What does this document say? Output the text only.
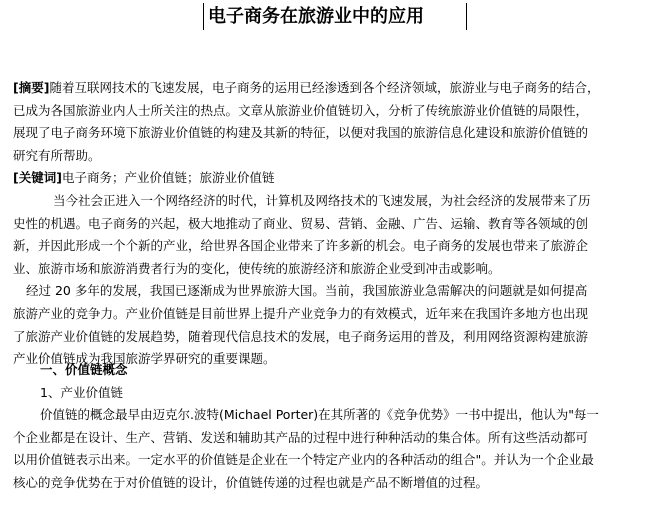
电子商务在旅游业中的应用
[摘要]随着互联网技术的飞速发展，电子商务的运用已经渗透到各个经济领域，旅游业与电子商务的结合，
已成为各国旅游业内人士所关注的热点。文章从旅游业价值链切入，分析了传统旅游业价值链的局限性，
展现了电子商务环境下旅游业价值链的构建及其新的特征，以便对我国的旅游信息化建设和旅游价值链的
研究有所帮助。
[关键词]电子商务；产业价值链；旅游业价值链
当今社会正进入一个网络经济的时代，计算机及网络技术的飞速发展，为社会经济的发展带来了历
史性的机遇。电子商务的兴起，极大地推动了商业、贸易、营销、金融、广告、运输、教育等各领域的创
新，并因此形成一个个新的产业，给世界各国企业带来了许多新的机会。电子商务的发展也带来了旅游企
业、旅游市场和旅游消费者行为的变化，使传统的旅游经济和旅游企业受到冲击或影响。
经过 20 多年的发展，我国已逐渐成为世界旅游大国。当前，我国旅游业急需解决的问题就是如何提高
旅游产业的竞争力。产业价值链是目前世界上提升产业竞争力的有效模式，近年来在我国许多地方也出现
了旅游产业价值链的发展趋势，随着现代信息技术的发展，电子商务运用的普及，利用网络资源构建旅游
产业价值链成为我国旅游学界研究的重要课题。
一、价值链概念
1、产业价值链
价值链的概念最早由迈克尔.波特(Michael Porter)在其所著的《竞争优势》一书中提出，他认为"每一
个企业都是在设计、生产、营销、发送和辅助其产品的过程中进行种种活动的集合体。所有这些活动都可
以用价值链表示出来。一定水平的价值链是企业在一个特定产业内的各种活动的组合"。并认为一个企业最
核心的竞争优势在于对价值链的设计，价值链传递的过程也就是产品不断增值的过程。
